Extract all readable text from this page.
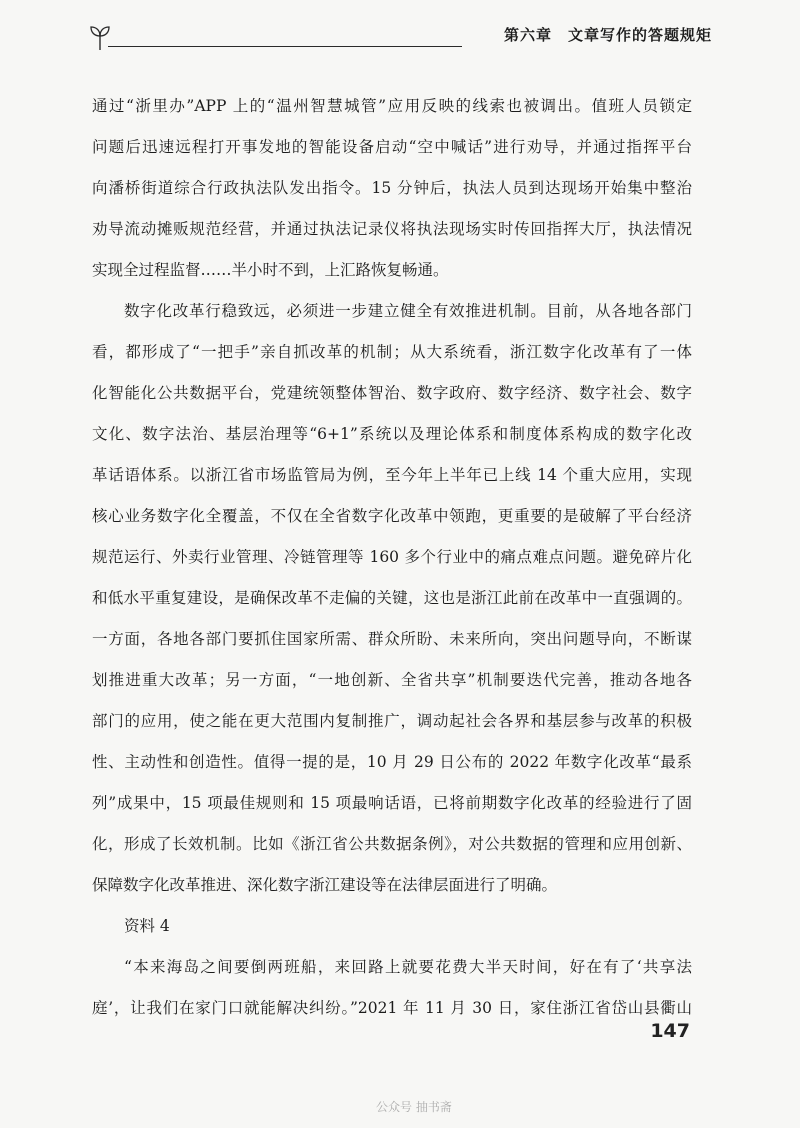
第六章　文章写作的答题规矩
通过“浙里办”APP 上的“温州智慧城管”应用反映的线索也被调出。值班人员锁定
问题后迅速远程打开事发地的智能设备启动“空中喊话”进行劝导，并通过指挥平台
向潘桥街道综合行政执法队发出指令。15 分钟后，执法人员到达现场开始集中整治
劝导流动摊贩规范经营，并通过执法记录仪将执法现场实时传回指挥大厅，执法情况
实现全过程监督……半小时不到，上汇路恢复畅通。
数字化改革行稳致远，必须进一步建立健全有效推进机制。目前，从各地各部门
看，都形成了“一把手”亲自抓改革的机制；从大系统看，浙江数字化改革有了一体
化智能化公共数据平台，党建统领整体智治、数字政府、数字经济、数字社会、数字
文化、数字法治、基层治理等“6+1”系统以及理论体系和制度体系构成的数字化改
革话语体系。以浙江省市场监管局为例，至今年上半年已上线 14 个重大应用，实现
核心业务数字化全覆盖，不仅在全省数字化改革中领跑，更重要的是破解了平台经济
规范运行、外卖行业管理、冷链管理等 160 多个行业中的痛点难点问题。避免碎片化
和低水平重复建设，是确保改革不走偏的关键，这也是浙江此前在改革中一直强调的。
一方面，各地各部门要抓住国家所需、群众所盼、未来所向，突出问题导向，不断谋
划推进重大改革；另一方面，“一地创新、全省共享”机制要迭代完善，推动各地各
部门的应用，使之能在更大范围内复制推广，调动起社会各界和基层参与改革的积极
性、主动性和创造性。值得一提的是，10 月 29 日公布的 2022 年数字化改革“最系
列”成果中，15 项最佳规则和 15 项最响话语，已将前期数字化改革的经验进行了固
化，形成了长效机制。比如《浙江省公共数据条例》，对公共数据的管理和应用创新、
保障数字化改革推进、深化数字浙江建设等在法律层面进行了明确。
资料 4
“本来海岛之间要倒两班船，来回路上就要花费大半天时间，好在有了‘共享法
庭’，让我们在家门口就能解决纠纷。”2021 年 11 月 30 日，家住浙江省岱山县衢山
147
公众号 抽书斋
